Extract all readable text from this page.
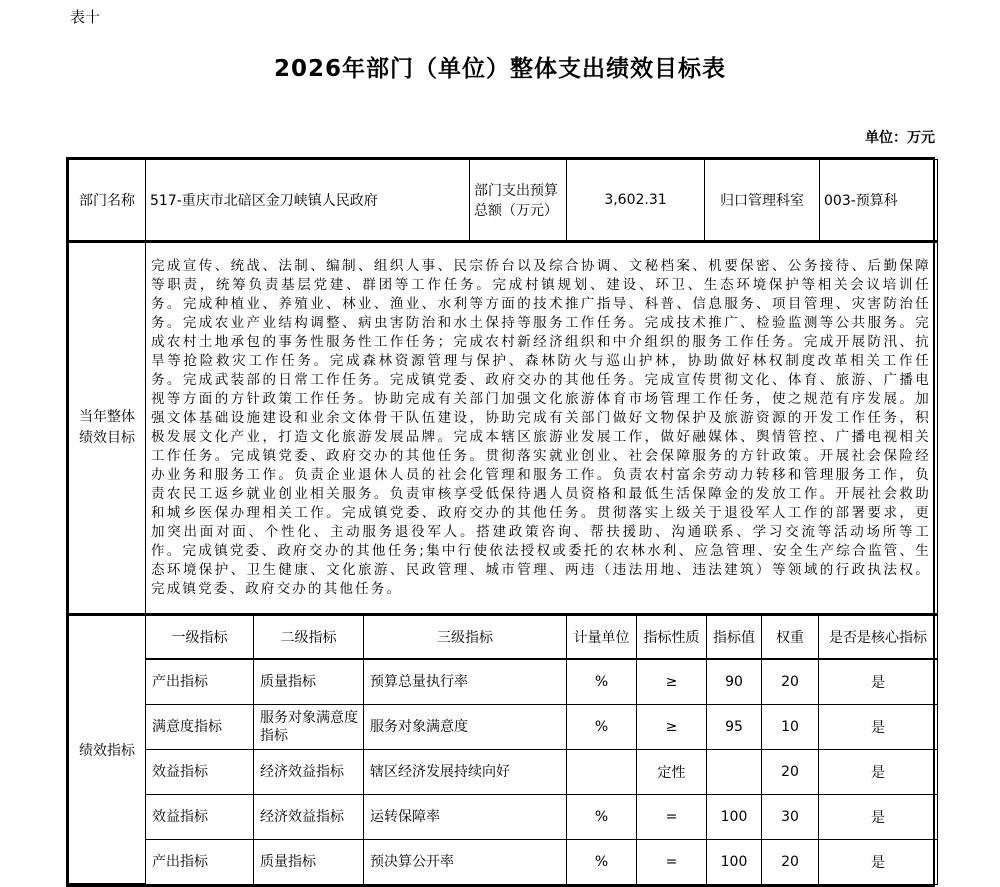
表十
2026年部门（单位）整体支出绩效目标表
单位：万元
部门名称	517-重庆市北碚区金刀峡镇人民政府	部门支出预算总额（万元）	3,602.31	归口管理科室	003-预算科
当年整体绩效目标	完成宣传、统战、法制、编制、组织人事、民宗侨台以及综合协调、文秘档案、机要保密、公务接待、后勤保障等职责，统筹负责基层党建、群团等工作任务。完成村镇规划、建设、环卫、生态环境保护等相关会议培训任务。完成种植业、养殖业、林业、渔业、水利等方面的技术推广指导、科普、信息服务、项目管理、灾害防治任务。完成农业产业结构调整、病虫害防治和水土保持等服务工作任务。完成技术推广、检验监测等公共服务。完成农村土地承包的事务性服务性工作任务；完成农村新经济组织和中介组织的服务工作任务。完成开展防汛、抗旱等抢险救灾工作任务。完成森林资源管理与保护、森林防火与巡山护林，协助做好林权制度改革相关工作任务。完成武装部的日常工作任务。完成镇党委、政府交办的其他任务。完成宣传贯彻文化、体育、旅游、广播电视等方面的方针政策工作任务。协助完成有关部门加强文化旅游体育市场管理工作任务，使之规范有序发展。加强文体基础设施建设和业余文体骨干队伍建设，协助完成有关部门做好文物保护及旅游资源的开发工作任务，积极发展文化产业，打造文化旅游发展品牌。完成本辖区旅游业发展工作，做好融媒体、舆情管控、广播电视相关工作任务。完成镇党委、政府交办的其他任务。贯彻落实就业创业、社会保障服务的方针政策。开展社会保险经办业务和服务工作。负责企业退休人员的社会化管理和服务工作。负责农村富余劳动力转移和管理服务工作，负责农民工返乡就业创业相关服务。负责审核享受低保待遇人员资格和最低生活保障金的发放工作。开展社会救助和城乡医保办理相关工作。完成镇党委、政府交办的其他任务。贯彻落实上级关于退役军人工作的部署要求，更加突出面对面、个性化、主动服务退役军人。搭建政策咨询、帮扶援助、沟通联系、学习交流等活动场所等工作。完成镇党委、政府交办的其他任务;集中行使依法授权或委托的农林水利、应急管理、安全生产综合监管、生态环境保护、卫生健康、文化旅游、民政管理、城市管理、两违（违法用地、违法建筑）等领域的行政执法权。完成镇党委、政府交办的其他任务。
绩效指标	一级指标	二级指标	三级指标	计量单位	指标性质	指标值	权重	是否是核心指标
	产出指标	质量指标	预算总量执行率	%	≥	90	20	是
	满意度指标	服务对象满意度指标	服务对象满意度	%	≥	95	10	是
	效益指标	经济效益指标	辖区经济发展持续向好		定性		20	是
	效益指标	经济效益指标	运转保障率	%	=	100	30	是
	产出指标	质量指标	预决算公开率	%	=	100	20	是
